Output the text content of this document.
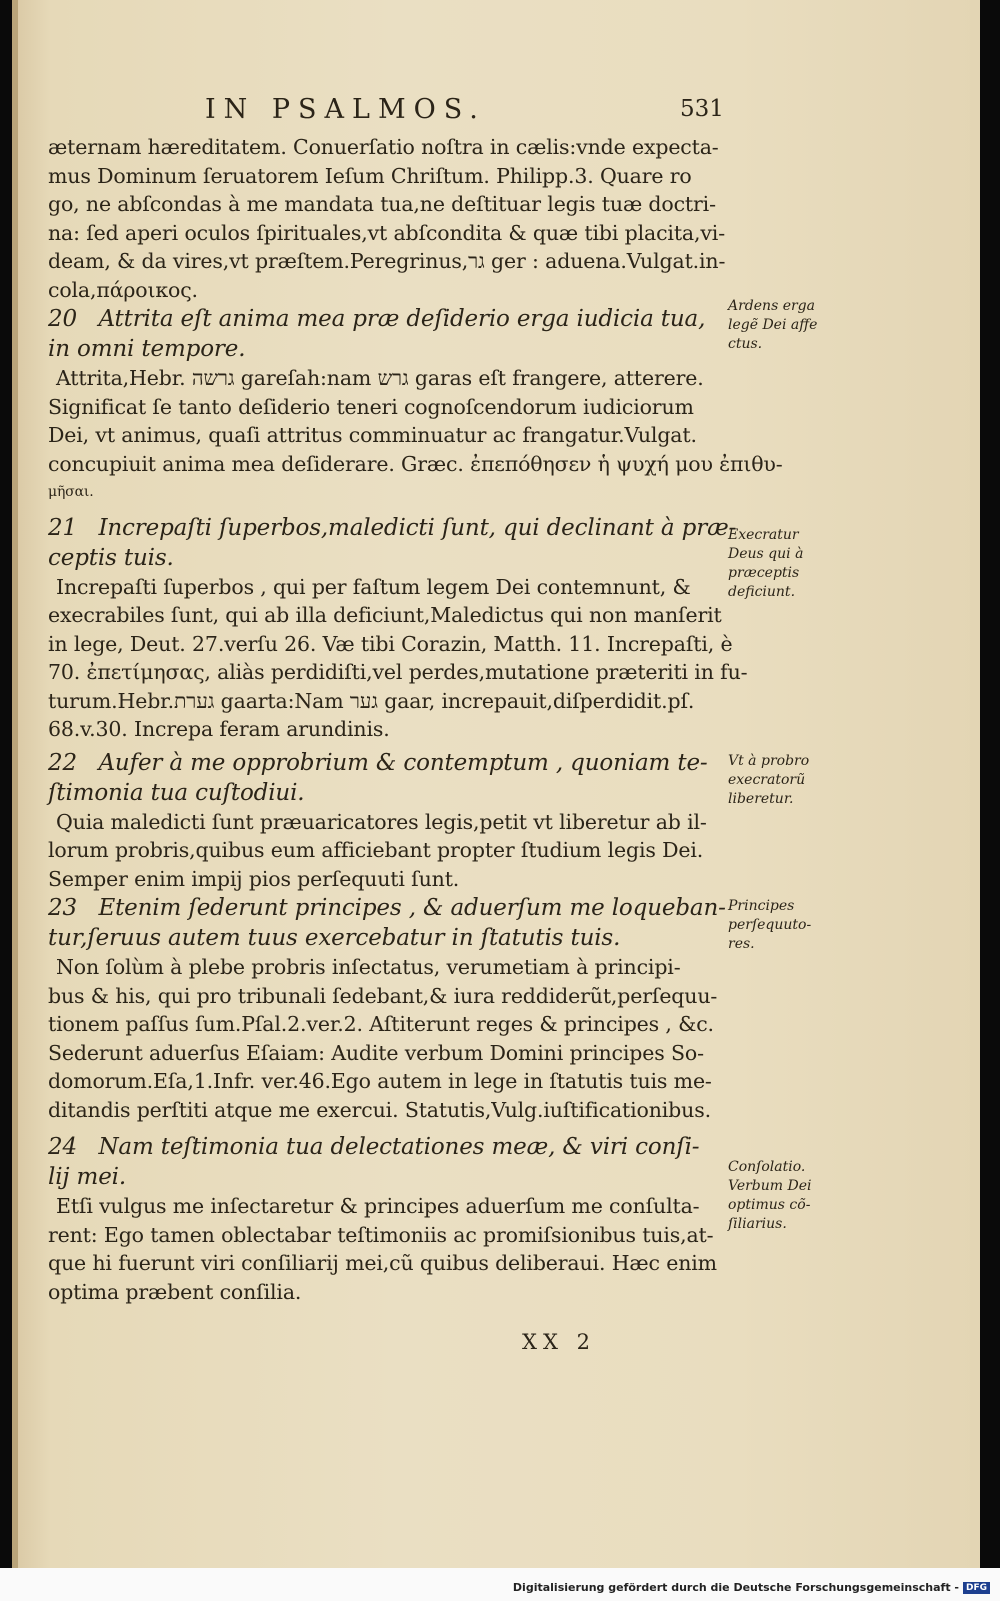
IN PSALMOS.	531
æternam hæreditatem. Conuerſatio noſtra in cælis:vnde expecta-
mus Dominum ſeruatorem Ieſum Chriſtum. Philipp.3. Quare ro
go, ne abſcondas à me mandata tua,ne deſtituar legis tuæ doctri-
na: ſed aperi oculos ſpirituales,vt abſcondita & quæ tibi placita,vi-
deam, & da vires,vt præſtem.Peregrinus,גר ger : aduena.Vulgat.in-
cola,πάροικος.
20 Attrita eſt anima mea præ deſiderio erga iudicia tua,
in omni tempore.
Attrita,Hebr. גרשה gareſah:nam גרש garas eſt frangere, atterere.
Significat ſe tanto deſiderio teneri cognoſcendorum iudiciorum
Dei, vt animus, quaſi attritus comminuatur ac frangatur.Vulgat.
concupiuit anima mea deſiderare. Græc. ἐπεπόθησεν ἡ ψυχή μου ἐπιθυ-
μῆσαι.
21 Increpaſti ſuperbos,maledicti ſunt, qui declinant à præ-
ceptis tuis.
Increpaſti ſuperbos , qui per faſtum legem Dei contemnunt, &
execrabiles ſunt, qui ab illa deficiunt,Maledictus qui non manſerit
in lege, Deut. 27.verſu 26. Væ tibi Corazin, Matth. 11. Increpaſti, è
70. ἐπετίμησας, aliàs perdidiſti,vel perdes,mutatione præteriti in fu-
turum.Hebr.גערת gaarta:Nam גער gaar, increpauit,diſperdidit.pſ.
68.v.30. Increpa feram arundinis.
22 Aufer à me opprobrium & contemptum , quoniam te-
ſtimonia tua cuſtodiui.
Quia maledicti ſunt præuaricatores legis,petit vt liberetur ab il-
lorum probris,quibus eum afficiebant propter ſtudium legis Dei.
Semper enim impij pios perſequuti ſunt.
23 Etenim ſederunt principes , & aduerſum me loqueban-
tur,ſeruus autem tuus exercebatur in ſtatutis tuis.
Non ſolùm à plebe probris inſectatus, verumetiam à principi-
bus & his, qui pro tribunali ſedebant,& iura reddiderũt,perſequu-
tionem paſſus ſum.Pſal.2.ver.2. Aſtiterunt reges & principes , &c.
Sederunt aduerſus Eſaiam: Audite verbum Domini principes So-
domorum.Eſa,1.Infr. ver.46.Ego autem in lege in ſtatutis tuis me-
ditandis perſtiti atque me exercui. Statutis,Vulg.iuſtificationibus.
24 Nam teſtimonia tua delectationes meæ, & viri conſi-
lij mei.
Etſi vulgus me inſectaretur & principes aduerſum me conſulta-
rent: Ego tamen oblectabar teſtimoniis ac promiſsionibus tuis,at-
que hi fuerunt viri conſiliarij mei,cũ quibus deliberaui. Hæc enim
optima præbent conſilia.
Ardens erga
legẽ Dei affe
ctus.
Execratur
Deus qui à
præceptis
deficiunt.
Vt à probro
execratorũ
liberetur.
Principes
perſequuto-
res.
Conſolatio.
Verbum Dei
optimus cõ-
ſiliarius.
XX 2
Digitalisierung gefördert durch die Deutsche Forschungsgemeinschaft - DFG
